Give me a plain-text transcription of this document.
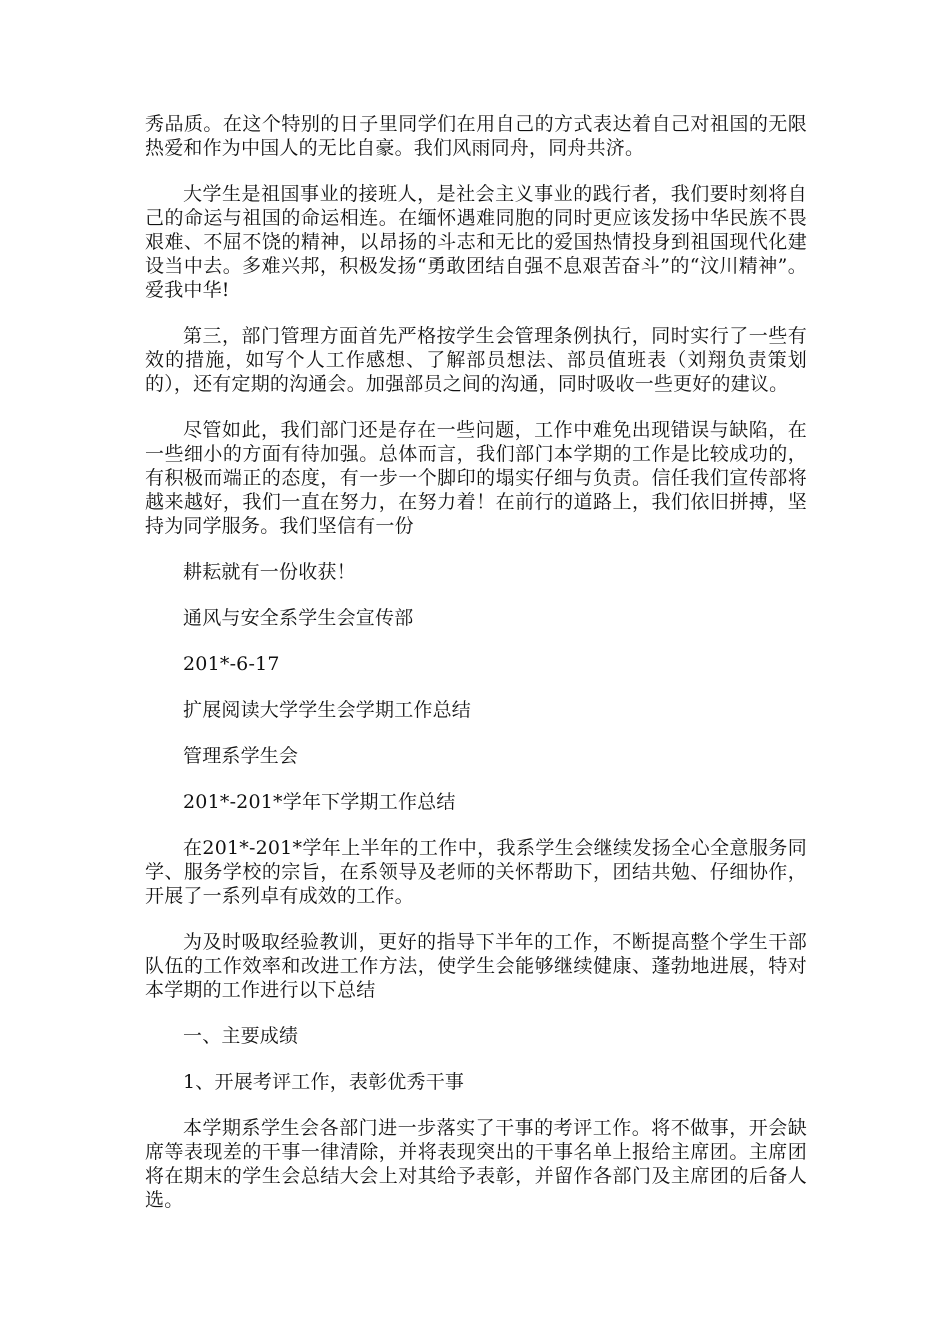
秀品质。在这个特别的日子里同学们在用自己的方式表达着自己对祖国的无限热爱和作为中国人的无比自豪。我们风雨同舟，同舟共济。

大学生是祖国事业的接班人，是社会主义事业的践行者，我们要时刻将自己的命运与祖国的命运相连。在缅怀遇难同胞的同时更应该发扬中华民族不畏艰难、不屈不饶的精神，以昂扬的斗志和无比的爱国热情投身到祖国现代化建设当中去。多难兴邦，积极发扬“勇敢团结自强不息艰苦奋斗”的“汶川精神”。爱我中华!

第三，部门管理方面首先严格按学生会管理条例执行，同时实行了一些有效的措施，如写个人工作感想、了解部员想法、部员值班表（刘翔负责策划的），还有定期的沟通会。加强部员之间的沟通，同时吸收一些更好的建议。

尽管如此，我们部门还是存在一些问题，工作中难免出现错误与缺陷，在一些细小的方面有待加强。总体而言，我们部门本学期的工作是比较成功的，有积极而端正的态度，有一步一个脚印的塌实仔细与负责。信任我们宣传部将越来越好，我们一直在努力，在努力着！在前行的道路上，我们依旧拼搏，坚持为同学服务。我们坚信有一份

耕耘就有一份收获！

通风与安全系学生会宣传部

201*-6-17

扩展阅读大学学生会学期工作总结

管理系学生会

201*-201*学年下学期工作总结

在201*-201*学年上半年的工作中，我系学生会继续发扬全心全意服务同学、服务学校的宗旨，在系领导及老师的关怀帮助下，团结共勉、仔细协作，开展了一系列卓有成效的工作。

为及时吸取经验教训，更好的指导下半年的工作，不断提高整个学生干部队伍的工作效率和改进工作方法，使学生会能够继续健康、蓬勃地进展，特对本学期的工作进行以下总结

一、主要成绩

1、开展考评工作，表彰优秀干事

本学期系学生会各部门进一步落实了干事的考评工作。将不做事，开会缺席等表现差的干事一律清除，并将表现突出的干事名单上报给主席团。主席团将在期末的学生会总结大会上对其给予表彰，并留作各部门及主席团的后备人选。
